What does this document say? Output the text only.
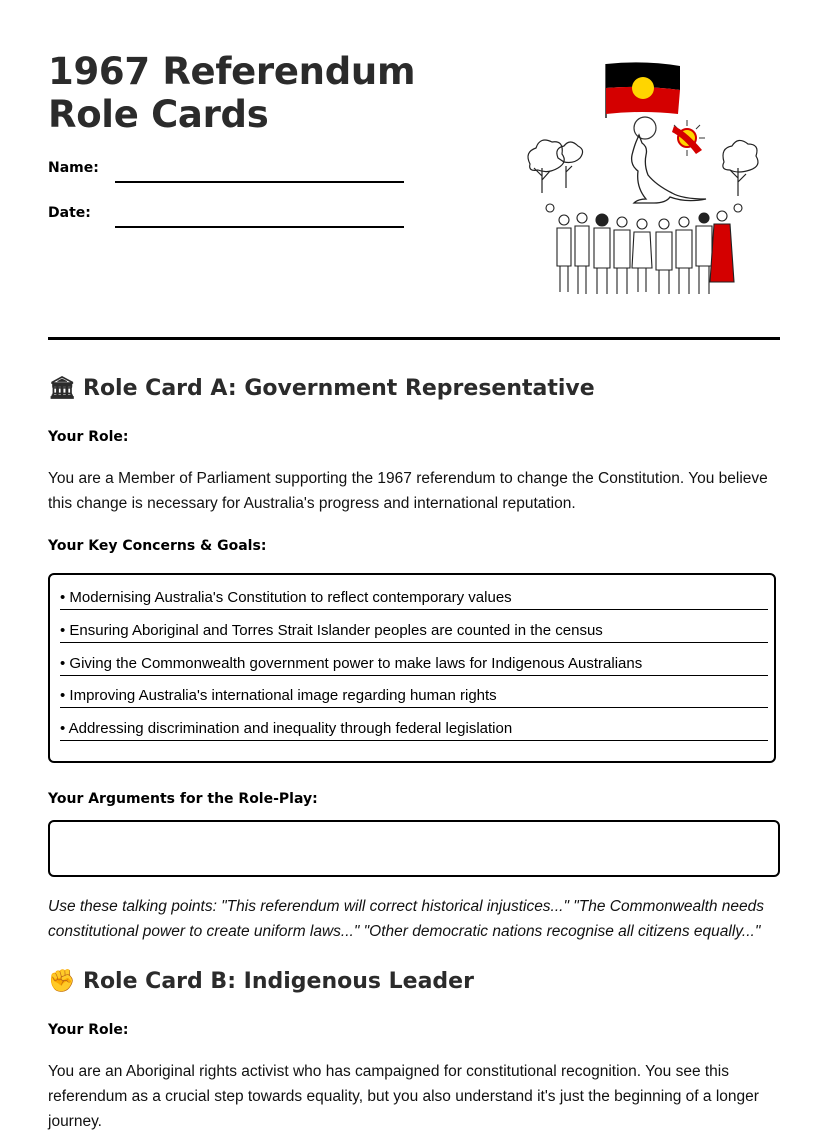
1967 Referendum Role Cards
Name:
Date:
🏛 Role Card A: Government Representative
Your Role:

You are a Member of Parliament supporting the 1967 referendum to change the Constitution. You believe this change is necessary for Australia's progress and international reputation.

Your Key Concerns & Goals:
• Modernising Australia's Constitution to reflect contemporary values
• Ensuring Aboriginal and Torres Strait Islander peoples are counted in the census
• Giving the Commonwealth government power to make laws for Indigenous Australians
• Improving Australia's international image regarding human rights
• Addressing discrimination and inequality through federal legislation
Your Arguments for the Role-Play:

Use these talking points: "This referendum will correct historical injustices..." "The Commonwealth needs constitutional power to create uniform laws..." "Other democratic nations recognise all citizens equally..."

✊ Role Card B: Indigenous Leader
Your Role:

You are an Aboriginal rights activist who has campaigned for constitutional recognition. You see this referendum as a crucial step towards equality, but you also understand it's just the beginning of a longer journey.
